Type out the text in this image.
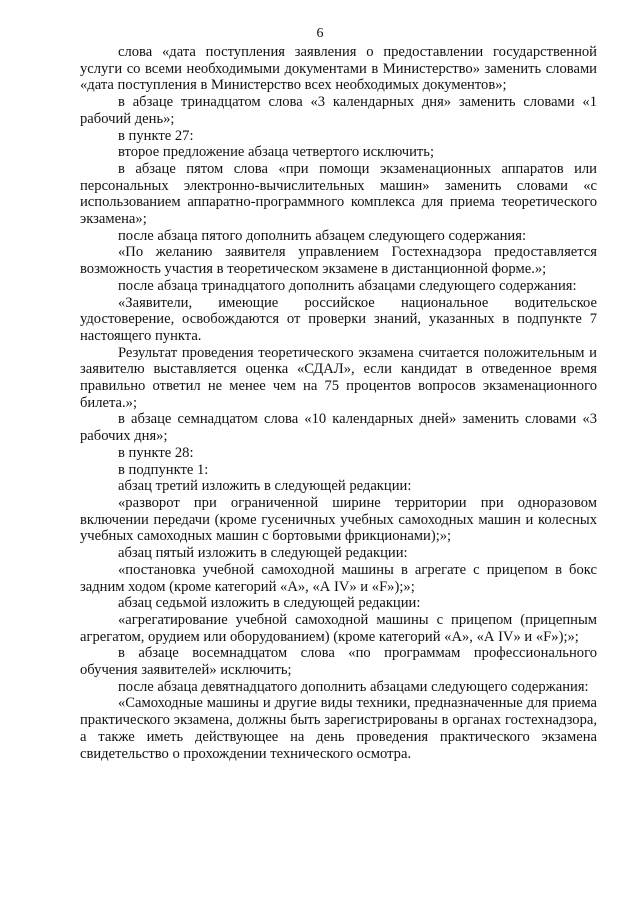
6

слова «дата поступления заявления о предоставлении государственной услуги со всеми необходимыми документами в Министерство» заменить словами «дата поступления в Министерство всех необходимых документов»;

в абзаце тринадцатом слова «3 календарных дня» заменить словами «1 рабочий день»;

в пункте 27:

второе предложение абзаца четвертого исключить;

в абзаце пятом слова «при помощи экзаменационных аппаратов или персональных электронно-вычислительных машин» заменить словами «с использованием аппаратно-программного комплекса для приема теоретического экзамена»;

после абзаца пятого дополнить абзацем следующего содержания:

«По желанию заявителя управлением Гостехнадзора предоставляется возможность участия в теоретическом экзамене в дистанционной форме.»;

после абзаца тринадцатого дополнить абзацами следующего содержания:

«Заявители, имеющие российское национальное водительское удостоверение, освобождаются от проверки знаний, указанных в подпункте 7 настоящего пункта.

Результат проведения теоретического экзамена считается положительным и заявителю выставляется оценка «СДАЛ», если кандидат в отведенное время правильно ответил не менее чем на 75 процентов вопросов экзаменационного билета.»;

в абзаце семнадцатом слова «10 календарных дней» заменить словами «3 рабочих дня»;

в пункте 28:

в подпункте 1:

абзац третий изложить в следующей редакции:

«разворот при ограниченной ширине территории при одноразовом включении передачи (кроме гусеничных учебных самоходных машин и колесных учебных самоходных машин с бортовыми фрикционами);»;

абзац пятый изложить в следующей редакции:

«постановка учебной самоходной машины в агрегате с прицепом в бокс задним ходом (кроме категорий «А», «А IV» и «F»);»;

абзац седьмой изложить в следующей редакции:

«агрегатирование учебной самоходной машины с прицепом (прицепным агрегатом, орудием или оборудованием) (кроме категорий «А», «А IV» и «F»);»;

в абзаце восемнадцатом слова «по программам профессионального обучения заявителей» исключить;

после абзаца девятнадцатого дополнить абзацами следующего содержания:

«Самоходные машины и другие виды техники, предназначенные для приема практического экзамена, должны быть зарегистрированы в органах гостехнадзора, а также иметь действующее на день проведения практического экзамена свидетельство о прохождении технического осмотра.
